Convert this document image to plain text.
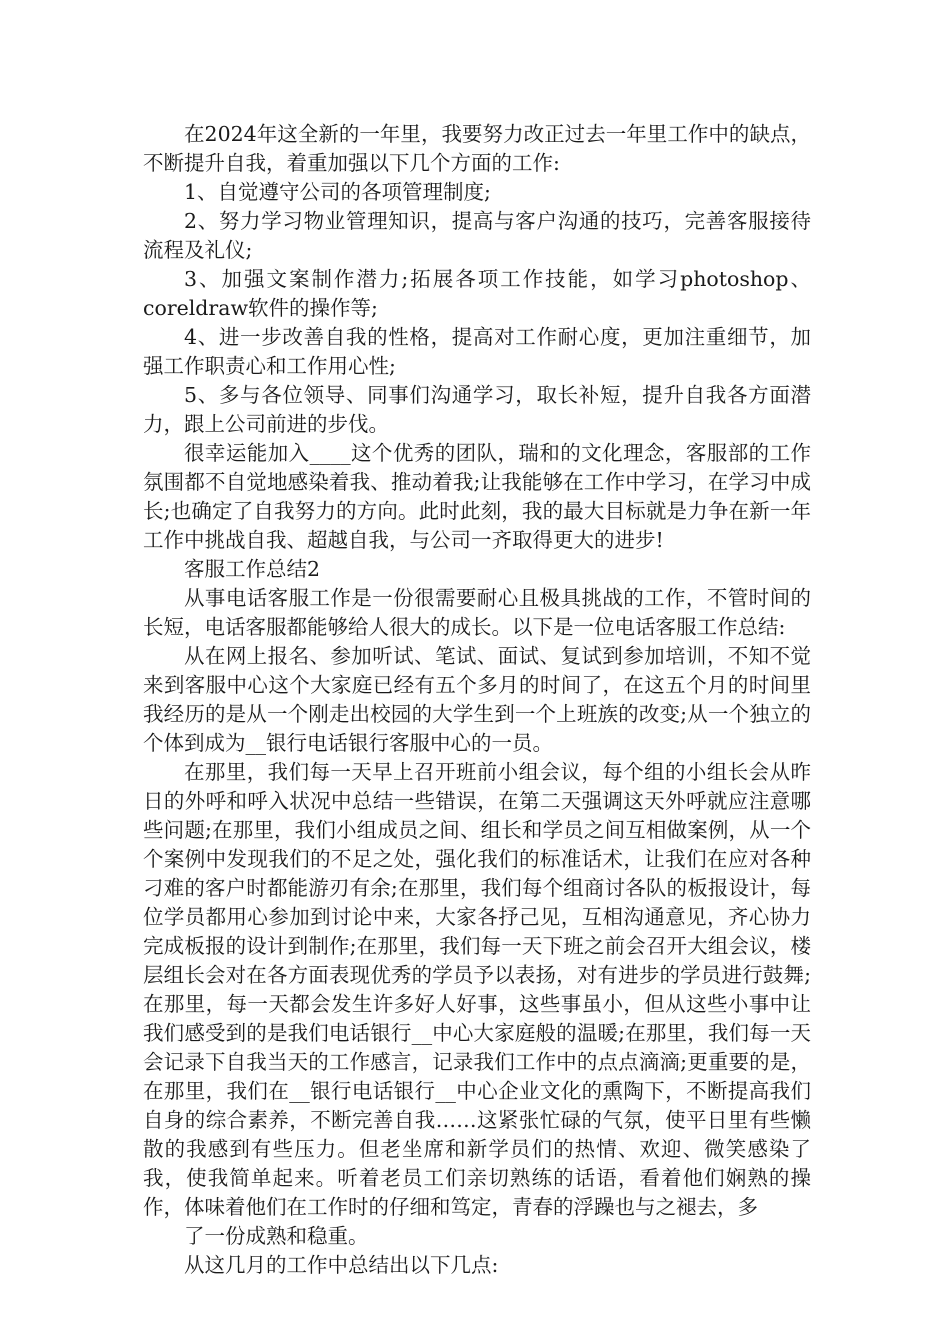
在2024年这全新的一年里，我要努力改正过去一年里工作中的缺点，不断提升自我，着重加强以下几个方面的工作:

1、自觉遵守公司的各项管理制度;

2、努力学习物业管理知识，提高与客户沟通的技巧，完善客服接待流程及礼仪;

3、加强文案制作潜力;拓展各项工作技能，如学习photoshop、coreldraw软件的操作等;

4、进一步改善自我的性格，提高对工作耐心度，更加注重细节，加强工作职责心和工作用心性;

5、多与各位领导、同事们沟通学习，取长补短，提升自我各方面潜力，跟上公司前进的步伐。

很幸运能加入____这个优秀的团队，瑞和的文化理念，客服部的工作氛围都不自觉地感染着我、推动着我;让我能够在工作中学习，在学习中成长;也确定了自我努力的方向。此时此刻，我的最大目标就是力争在新一年工作中挑战自我、超越自我，与公司一齐取得更大的进步!

客服工作总结2

从事电话客服工作是一份很需要耐心且极具挑战的工作，不管时间的长短，电话客服都能够给人很大的成长。以下是一位电话客服工作总结:

从在网上报名、参加听试、笔试、面试、复试到参加培训，不知不觉来到客服中心这个大家庭已经有五个多月的时间了，在这五个月的时间里我经历的是从一个刚走出校园的大学生到一个上班族的改变;从一个独立的个体到成为__银行电话银行客服中心的一员。

在那里，我们每一天早上召开班前小组会议，每个组的小组长会从昨日的外呼和呼入状况中总结一些错误，在第二天强调这天外呼就应注意哪些问题;在那里，我们小组成员之间、组长和学员之间互相做案例，从一个个案例中发现我们的不足之处，强化我们的标准话术，让我们在应对各种刁难的客户时都能游刃有余;在那里，我们每个组商讨各队的板报设计，每位学员都用心参加到讨论中来，大家各抒己见，互相沟通意见，齐心协力完成板报的设计到制作;在那里，我们每一天下班之前会召开大组会议，楼层组长会对在各方面表现优秀的学员予以表扬，对有进步的学员进行鼓舞;在那里，每一天都会发生许多好人好事，这些事虽小，但从这些小事中让我们感受到的是我们电话银行__中心大家庭般的温暖;在那里，我们每一天会记录下自我当天的工作感言，记录我们工作中的点点滴滴;更重要的是，在那里，我们在__银行电话银行__中心企业文化的熏陶下，不断提高我们自身的综合素养，不断完善自我……这紧张忙碌的气氛，使平日里有些懒散的我感到有些压力。但老坐席和新学员们的热情、欢迎、微笑感染了我，使我简单起来。听着老员工们亲切熟练的话语，看着他们娴熟的操作，体味着他们在工作时的仔细和笃定，青春的浮躁也与之褪去，多

了一份成熟和稳重。

从这几月的工作中总结出以下几点:
